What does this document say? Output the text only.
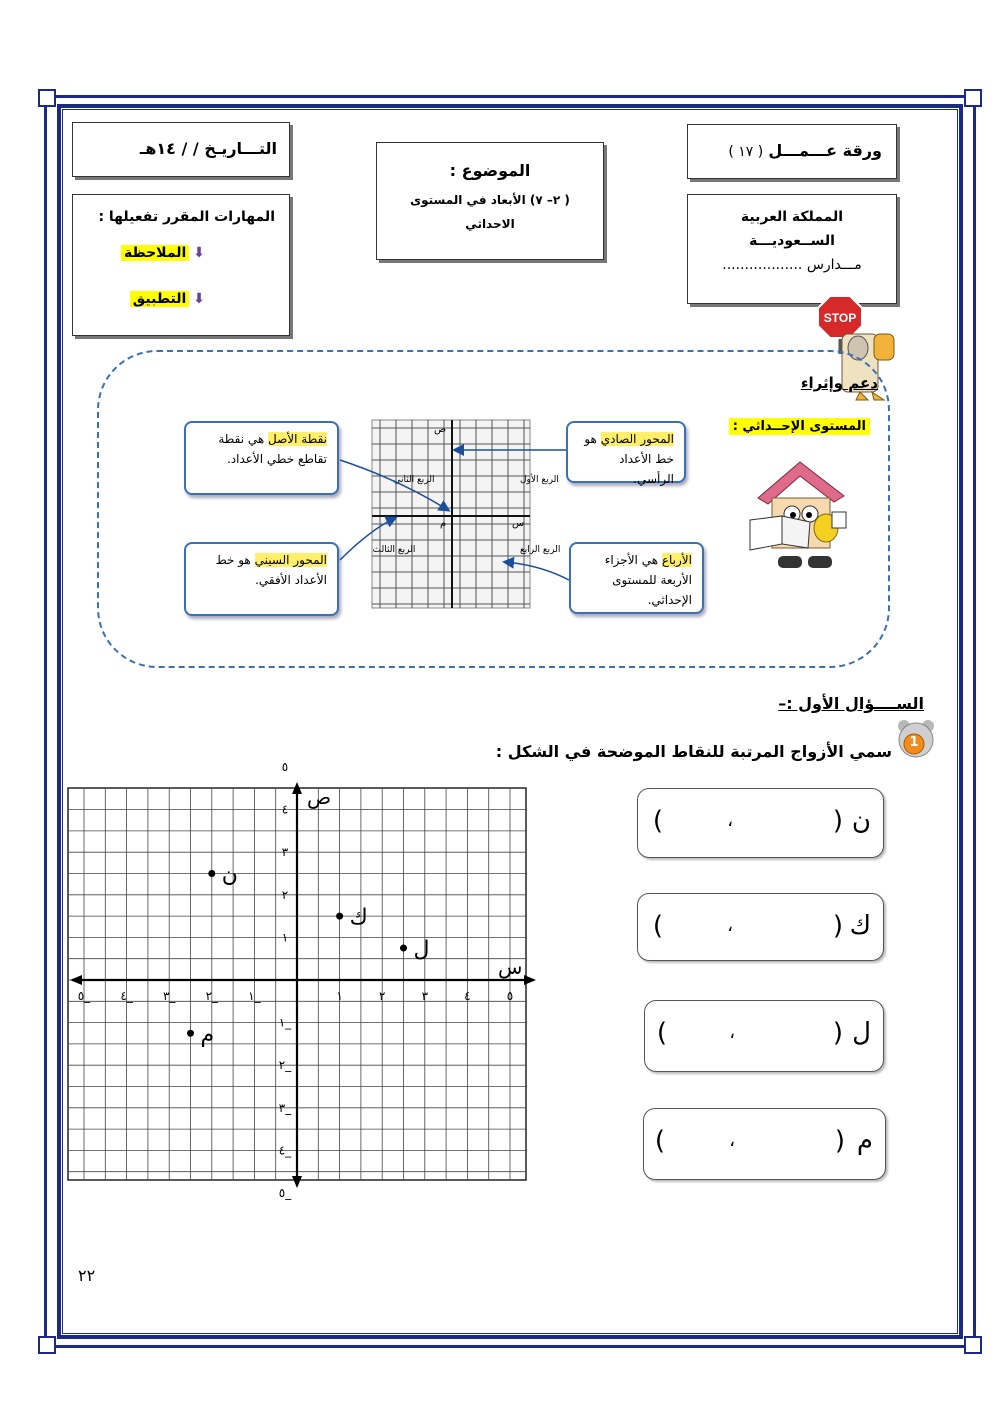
التـــاريـخ / / ١٤هـ
الموضوع :
( ٢– ٧) الأبعاد في المستوى الاحداثي
ورقة عـــمـــل ( ١٧ )
المهارات المقرر تفعيلها :
⬇الملاحظة
⬇التطبيق
المملكة العربية
الســعوديـــة
مـــدارس ..................
STOP
دعم وإثراء
المستوى الإحــداثي :
نقطة الأصل هي نقطة تقاطع خطي الأعداد.
المحور السيني هو خط الأعداد الأفقي.
المحور الصادي هو خط الأعداد الرأسي.
الأرباع هي الأجزاء الأربعة للمستوى الإحداثي.
ص
س
م
الربع الأول
الربع الثاني
الربع الثالث	الربع الرابع
الســــؤال الأول :–
1
سمي الأزواج المرتبة للنقاط الموضحة في الشكل :
س
ص
٥_	٤_	٣_	٢_	١_	١	٢	٣	٤	٥
٥_
٤_
٣_
٢_
١_
١
٢
٣
٤
٥
ن
ك
ل
م
ن
(
،
)
ك
(
،
)
ل
(
،
)
م
(
،
)
٢٢
